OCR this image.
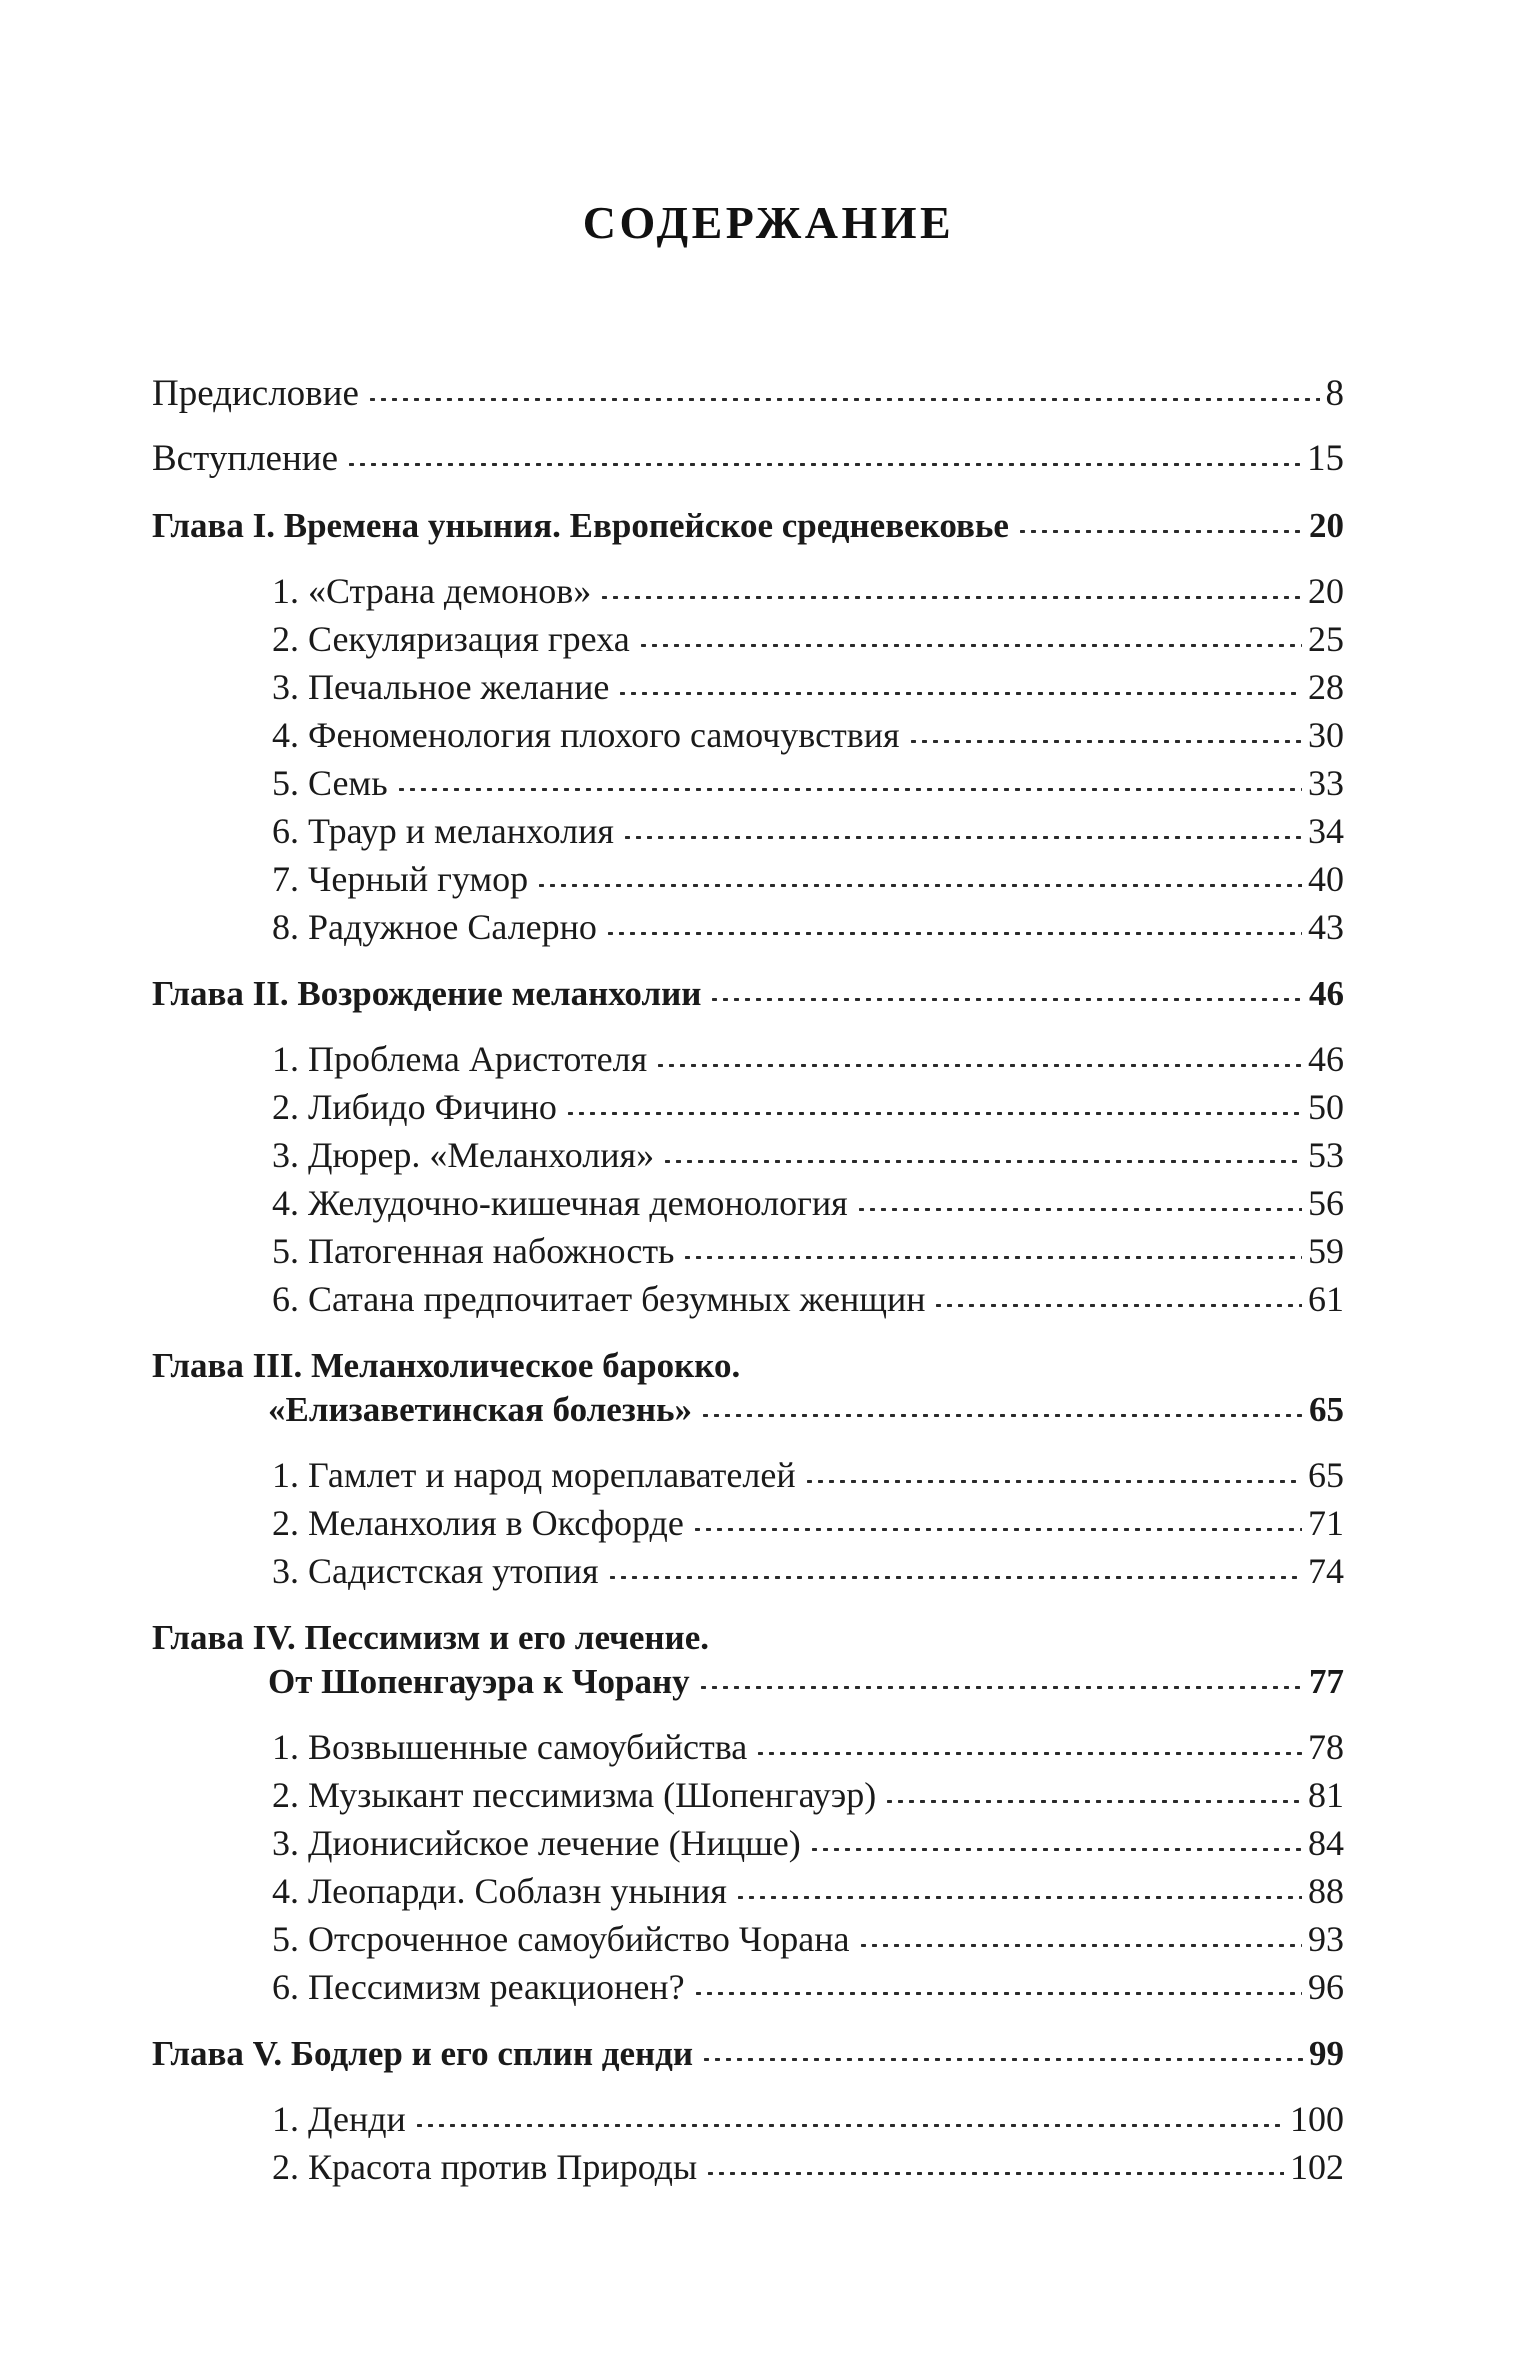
СОДЕРЖАНИЕ
Предисловие	8
Вступление	15
Глава I. Времена уныния. Европейское средневековье	20
1. «Страна демонов»	20
2. Секуляризация греха	25
3. Печальное желание	28
4. Феноменология плохого самочувствия	30
5. Семь	33
6. Траур и меланхолия	34
7. Черный гумор	40
8. Радужное Салерно	43
Глава II. Возрождение меланхолии	46
1. Проблема Аристотеля	46
2. Либидо Фичино	50
3. Дюрер. «Меланхолия»	53
4. Желудочно-кишечная демонология	56
5. Патогенная набожность	59
6. Сатана предпочитает безумных женщин	61
Глава III. Меланхолическое барокко.
«Елизаветинская болезнь»	65
1. Гамлет и народ мореплавателей	65
2. Меланхолия в Оксфорде	71
3. Садистская утопия	74
Глава IV. Пессимизм и его лечение.
От Шопенгауэра к Чорану	77
1. Возвышенные самоубийства	78
2. Музыкант пессимизма (Шопенгауэр)	81
3. Дионисийское лечение (Ницше)	84
4. Леопарди. Соблазн уныния	88
5. Отсроченное самоубийство Чорана	93
6. Пессимизм реакционен?	96
Глава V. Бодлер и его сплин денди	99
1. Денди	100
2. Красота против Природы	102
